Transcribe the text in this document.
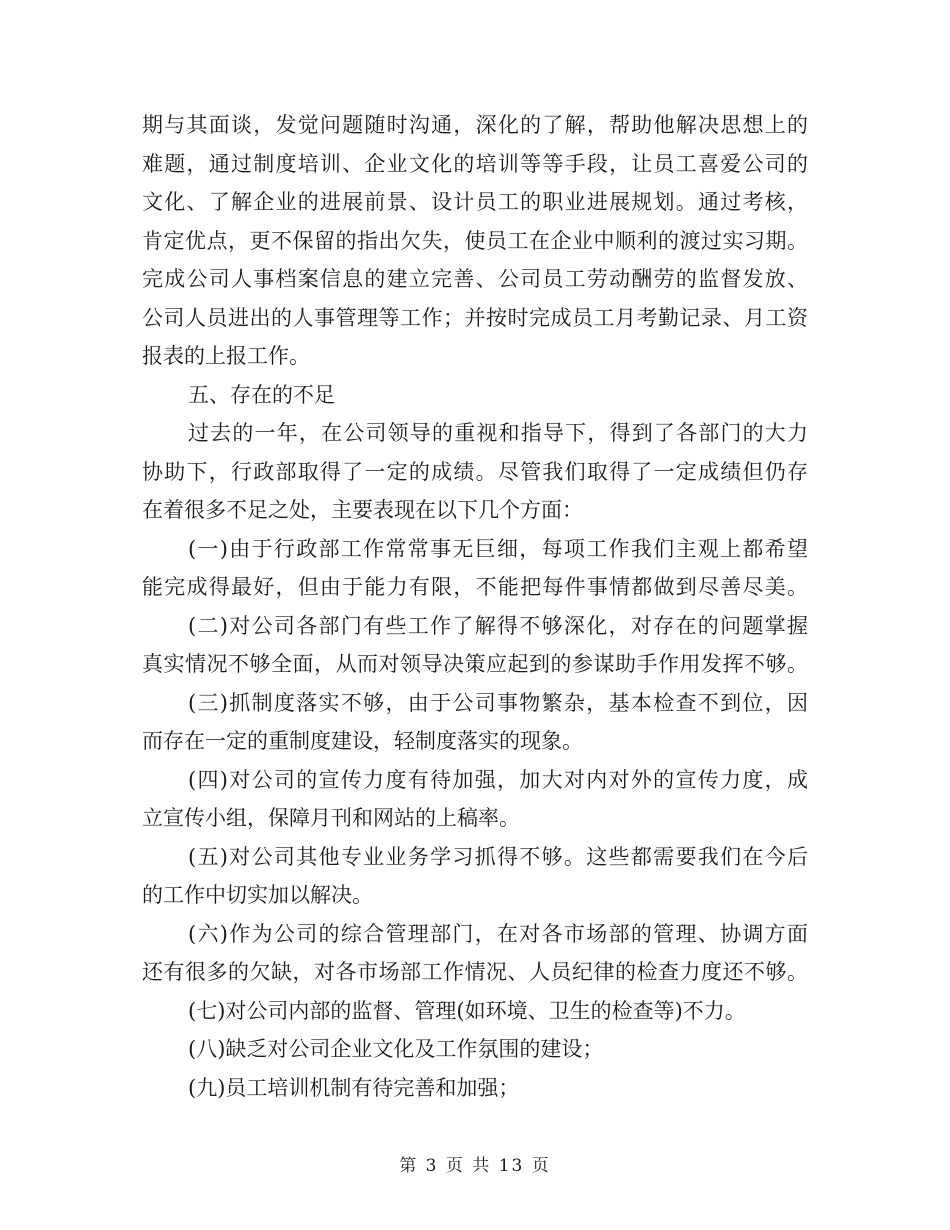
期与其面谈，发觉问题随时沟通，深化的了解，帮助他解决思想上的
难题，通过制度培训、企业文化的培训等等手段，让员工喜爱公司的
文化、了解企业的进展前景、设计员工的职业进展规划。通过考核，
肯定优点，更不保留的指出欠失，使员工在企业中顺利的渡过实习期。
完成公司人事档案信息的建立完善、公司员工劳动酬劳的监督发放、
公司人员进出的人事管理等工作；并按时完成员工月考勤记录、月工资
报表的上报工作。
五、存在的不足
过去的一年，在公司领导的重视和指导下，得到了各部门的大力
协助下，行政部取得了一定的成绩。尽管我们取得了一定成绩但仍存
在着很多不足之处，主要表现在以下几个方面：
(一)由于行政部工作常常事无巨细，每项工作我们主观上都希望
能完成得最好，但由于能力有限，不能把每件事情都做到尽善尽美。
(二)对公司各部门有些工作了解得不够深化，对存在的问题掌握
真实情况不够全面，从而对领导决策应起到的参谋助手作用发挥不够。
(三)抓制度落实不够，由于公司事物繁杂，基本检查不到位，因
而存在一定的重制度建设，轻制度落实的现象。
(四)对公司的宣传力度有待加强，加大对内对外的宣传力度，成
立宣传小组，保障月刊和网站的上稿率。
(五)对公司其他专业业务学习抓得不够。这些都需要我们在今后
的工作中切实加以解决。
(六)作为公司的综合管理部门，在对各市场部的管理、协调方面
还有很多的欠缺，对各市场部工作情况、人员纪律的检查力度还不够。
(七)对公司内部的监督、管理(如环境、卫生的检查等)不力。
(八)缺乏对公司企业文化及工作氛围的建设；
(九)员工培训机制有待完善和加强；
第 3 页 共 13 页
